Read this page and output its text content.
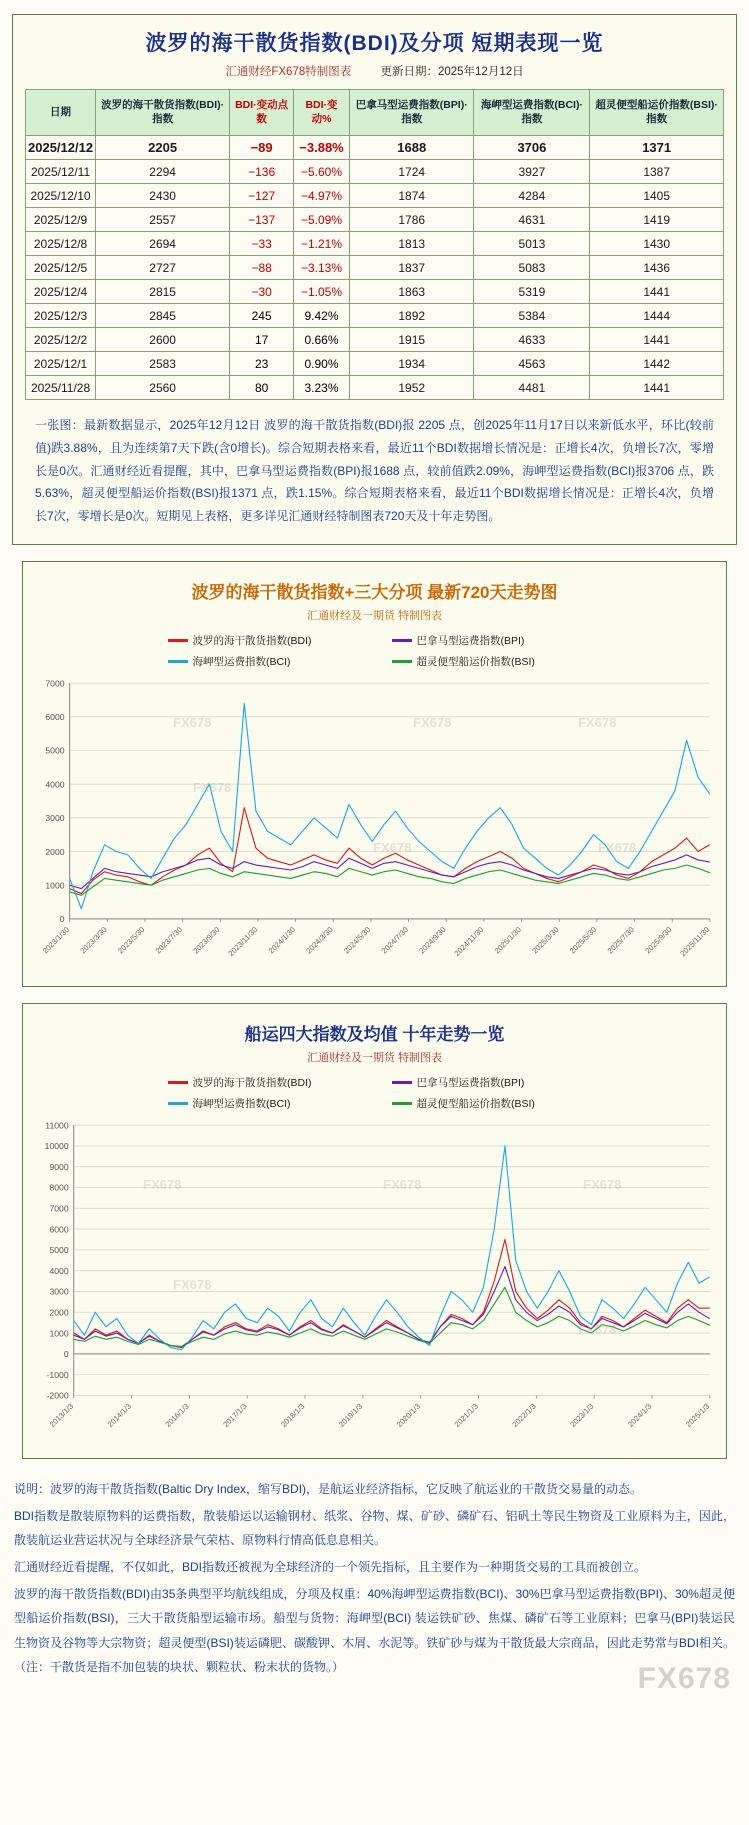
波罗的海干散货指数(BDI)及分项 短期表现一览
汇通财经FX678特制图表	更新日期：2025年12月12日
日期	波罗的海干散货指数(BDI)·指数	BDI·变动点数	BDI·变动%	巴拿马型运费指数(BPI)·指数	海岬型运费指数(BCI)·指数	超灵便型船运价指数(BSI)·指数
2025/12/12	2205	−89	−3.88%	1688	3706	1371
2025/12/11	2294	−136	−5.60%	1724	3927	1387
2025/12/10	2430	−127	−4.97%	1874	4284	1405
2025/12/9	2557	−137	−5.09%	1786	4631	1419
2025/12/8	2694	−33	−1.21%	1813	5013	1430
2025/12/5	2727	−88	−3.13%	1837	5083	1436
2025/12/4	2815	−30	−1.05%	1863	5319	1441
2025/12/3	2845	245	9.42%	1892	5384	1444
2025/12/2	2600	17	0.66%	1915	4633	1441
2025/12/1	2583	23	0.90%	1934	4563	1442
2025/11/28	2560	80	3.23%	1952	4481	1441
一张图：最新数据显示，2025年12月12日 波罗的海干散货指数(BDI)报 2205 点，创2025年11月17日以来新低水平，环比(较前值)跌3.88%，且为连续第7天下跌(含0增长)。综合短期表格来看，最近11个BDI数据增长情况是：正增长4次，负增长7次，零增长是0次。汇通财经近看提醒，其中，巴拿马型运费指数(BPI)报1688 点，较前值跌2.09%，海岬型运费指数(BCI)报3706 点，跌5.63%，超灵便型船运价指数(BSI)报1371 点，跌1.15%。综合短期表格来看，最近11个BDI数据增长情况是：正增长4次，负增长7次，零增长是0次。短期见上表格，更多详见汇通财经特制图表720天及十年走势图。
波罗的海干散货指数+三大分项 最新720天走势图
汇通财经及一期货 特制图表
波罗的海干散货指数(BDI)	巴拿马型运费指数(BPI)
海岬型运费指数(BCI)	超灵便型船运价指数(BSI)
0
1000
2000
3000
4000
5000
6000
7000
2023/1/30 2023/3/30 2023/5/30 2023/7/30 2023/9/30 2023/11/30 2024/1/30 2024/3/30 2024/5/30 2024/7/30 2024/9/30 2024/11/30 2025/1/30 2025/3/30 2025/5/30 2025/7/30 2025/9/30 2025/11/30
FX678	FX678	FX678
FX678
FX678	FX678
船运四大指数及均值 十年走势一览
汇通财经及一期货 特制图表
波罗的海干散货指数(BDI)	巴拿马型运费指数(BPI)
海岬型运费指数(BCI)	超灵便型船运价指数(BSI)
-2000
-1000
0
1000
2000
3000
4000
5000
6000
7000
8000
9000
10000
11000
2013/1/3	2014/1/3	2016/1/3	2017/1/3	2018/1/3	2019/1/3	2020/1/3	2021/1/3	2022/1/3	2023/1/3	2024/1/3	2025/1/3
FX678	FX678	FX678
FX678
FX678

说明：波罗的海干散货指数(Baltic Dry Index，缩写BDI)，是航运业经济指标，它反映了航运业的干散货交易量的动态。

BDI指数是散装原物料的运费指数，散装船运以运输钢材、纸浆、谷物、煤、矿砂、磷矿石、铝矾土等民生物资及工业原料为主，因此，散装航运业营运状况与全球经济景气荣枯、原物料行情高低息息相关。

汇通财经近看提醒，不仅如此，BDI指数还被视为全球经济的一个领先指标，且主要作为一种期货交易的工具而被创立。

波罗的海干散货指数(BDI)由35条典型平均航线组成，分项及权重：40%海岬型运费指数(BCI)、30%巴拿马型运费指数(BPI)、30%超灵便型船运价指数(BSI)，三大干散货船型运输市场。船型与货物：海岬型(BCI) 装运铁矿砂、焦煤、磷矿石等工业原料；巴拿马(BPI)装运民生物资及谷物等大宗物资；超灵便型(BSI)装运磷肥、碳酸钾、木屑、水泥等。铁矿砂与煤为干散货最大宗商品，因此走势常与BDI相关。（注：干散货是指不加包装的块状、颗粒状、粉末状的货物。）	FX678
